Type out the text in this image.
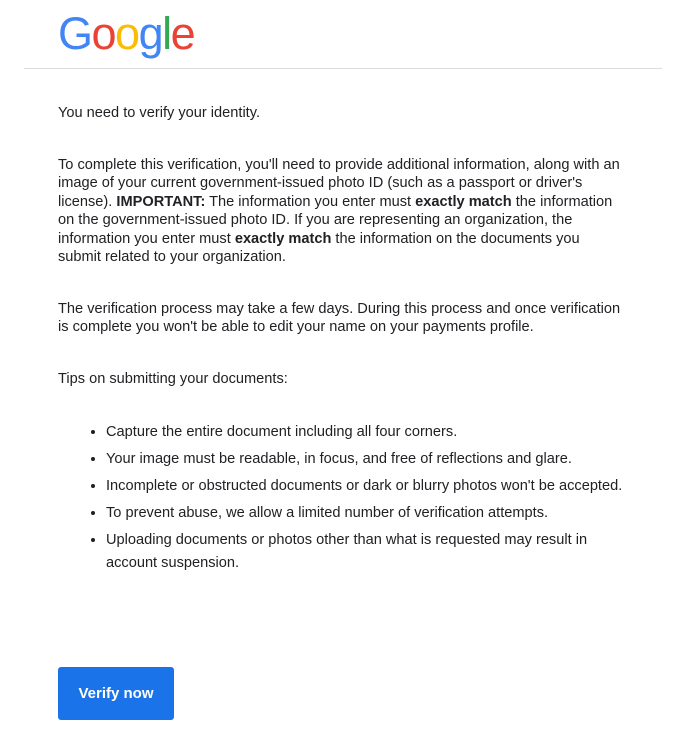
Google

You need to verify your identity.

To complete this verification, you'll need to provide additional information, along with an image of your current government-issued photo ID (such as a passport or driver's license). IMPORTANT: The information you enter must exactly match the information on the government-issued photo ID. If you are representing an organization, the information you enter must exactly match the information on the documents you submit related to your organization.

The verification process may take a few days. During this process and once verification is complete you won't be able to edit your name on your payments profile.

Tips on submitting your documents:

• Capture the entire document including all four corners.
• Your image must be readable, in focus, and free of reflections and glare.
• Incomplete or obstructed documents or dark or blurry photos won't be accepted.
• To prevent abuse, we allow a limited number of verification attempts.
• Uploading documents or photos other than what is requested may result in account suspension.
Verify now
